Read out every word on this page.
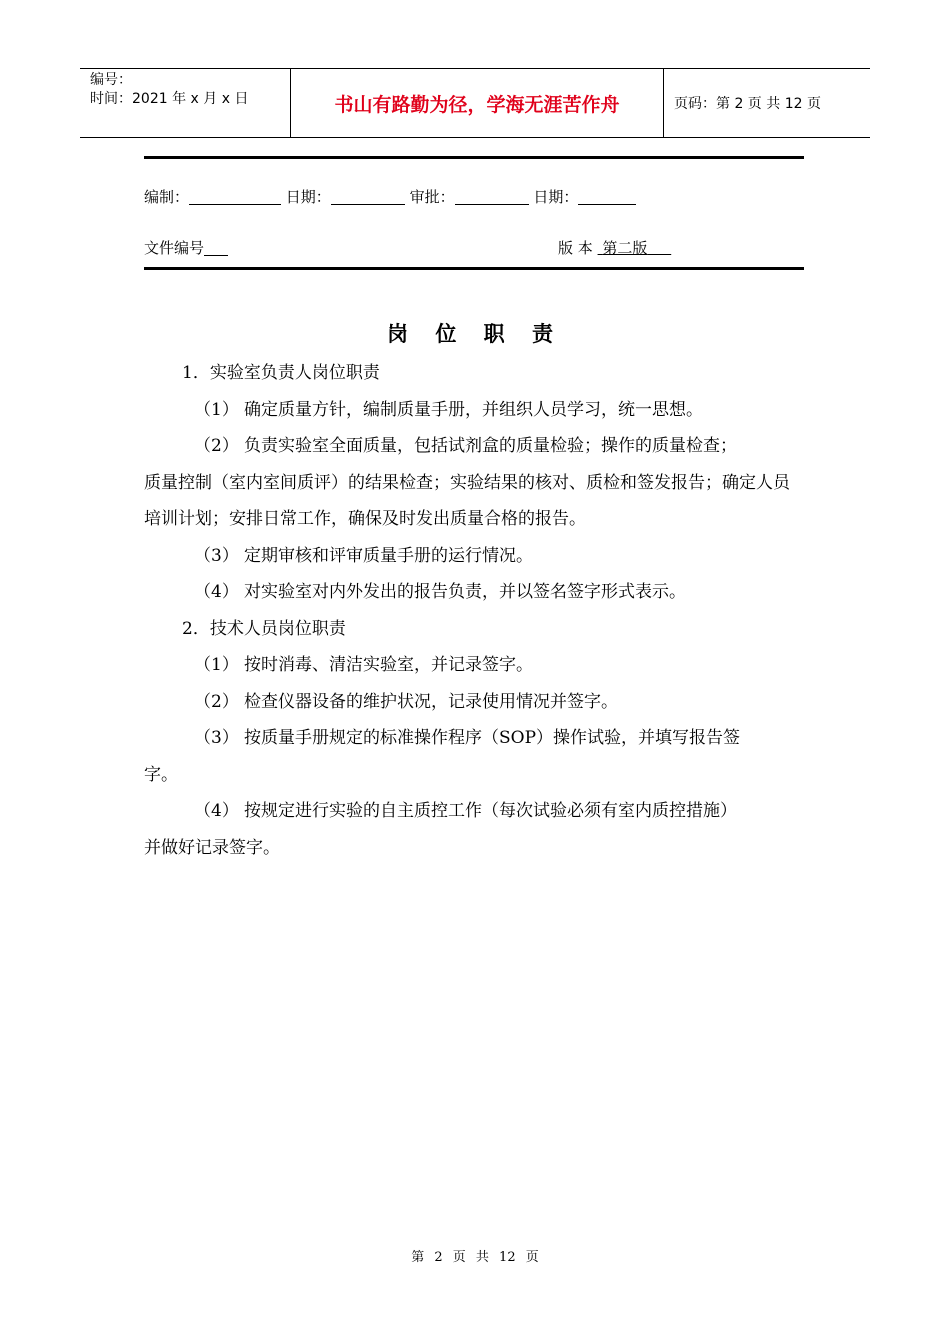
编号：
时间：2021 年 x 月 x 日	书山有路勤为径，学海无涯苦作舟	页码：第 2 页 共 12 页
编制：	日期：	审批：	日期：
文件编号	版 本 第二版
岗 位 职 责

1．实验室负责人岗位职责

（1） 确定质量方针，编制质量手册，并组织人员学习，统一思想。

（2） 负责实验室全面质量，包括试剂盒的质量检验；操作的质量检查；

质量控制（室内室间质评）的结果检查；实验结果的核对、质检和签发报告；确定人员培训计划；安排日常工作，确保及时发出质量合格的报告。

（3） 定期审核和评审质量手册的运行情况。

（4） 对实验室对内外发出的报告负责，并以签名签字形式表示。

2．技术人员岗位职责

（1） 按时消毒、清洁实验室，并记录签字。

（2） 检查仪器设备的维护状况，记录使用情况并签字。

（3） 按质量手册规定的标准操作程序（SOP）操作试验，并填写报告签

字。

（4） 按规定进行实验的自主质控工作（每次试验必须有室内质控措施）

并做好记录签字。

第 2 页 共 12 页
